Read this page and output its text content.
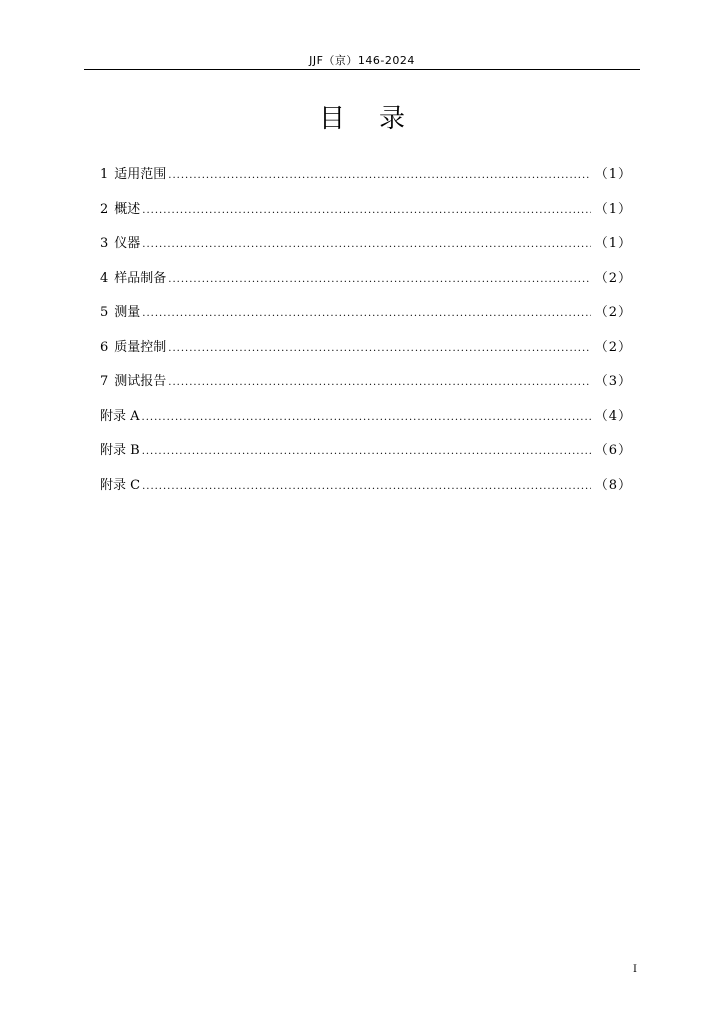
JJF（京）146-2024
目录
1 适用范围 .....	（1）
2 概述 .....	（1）
3 仪器 .....	（1）
4 样品制备 .....	（2）
5 测量 .....	（2）
6 质量控制 .....	（2）
7 测试报告 .....	（3）
附录 A .....	（4）
附录 B .....	（6）
附录 C .....	（8）
I
